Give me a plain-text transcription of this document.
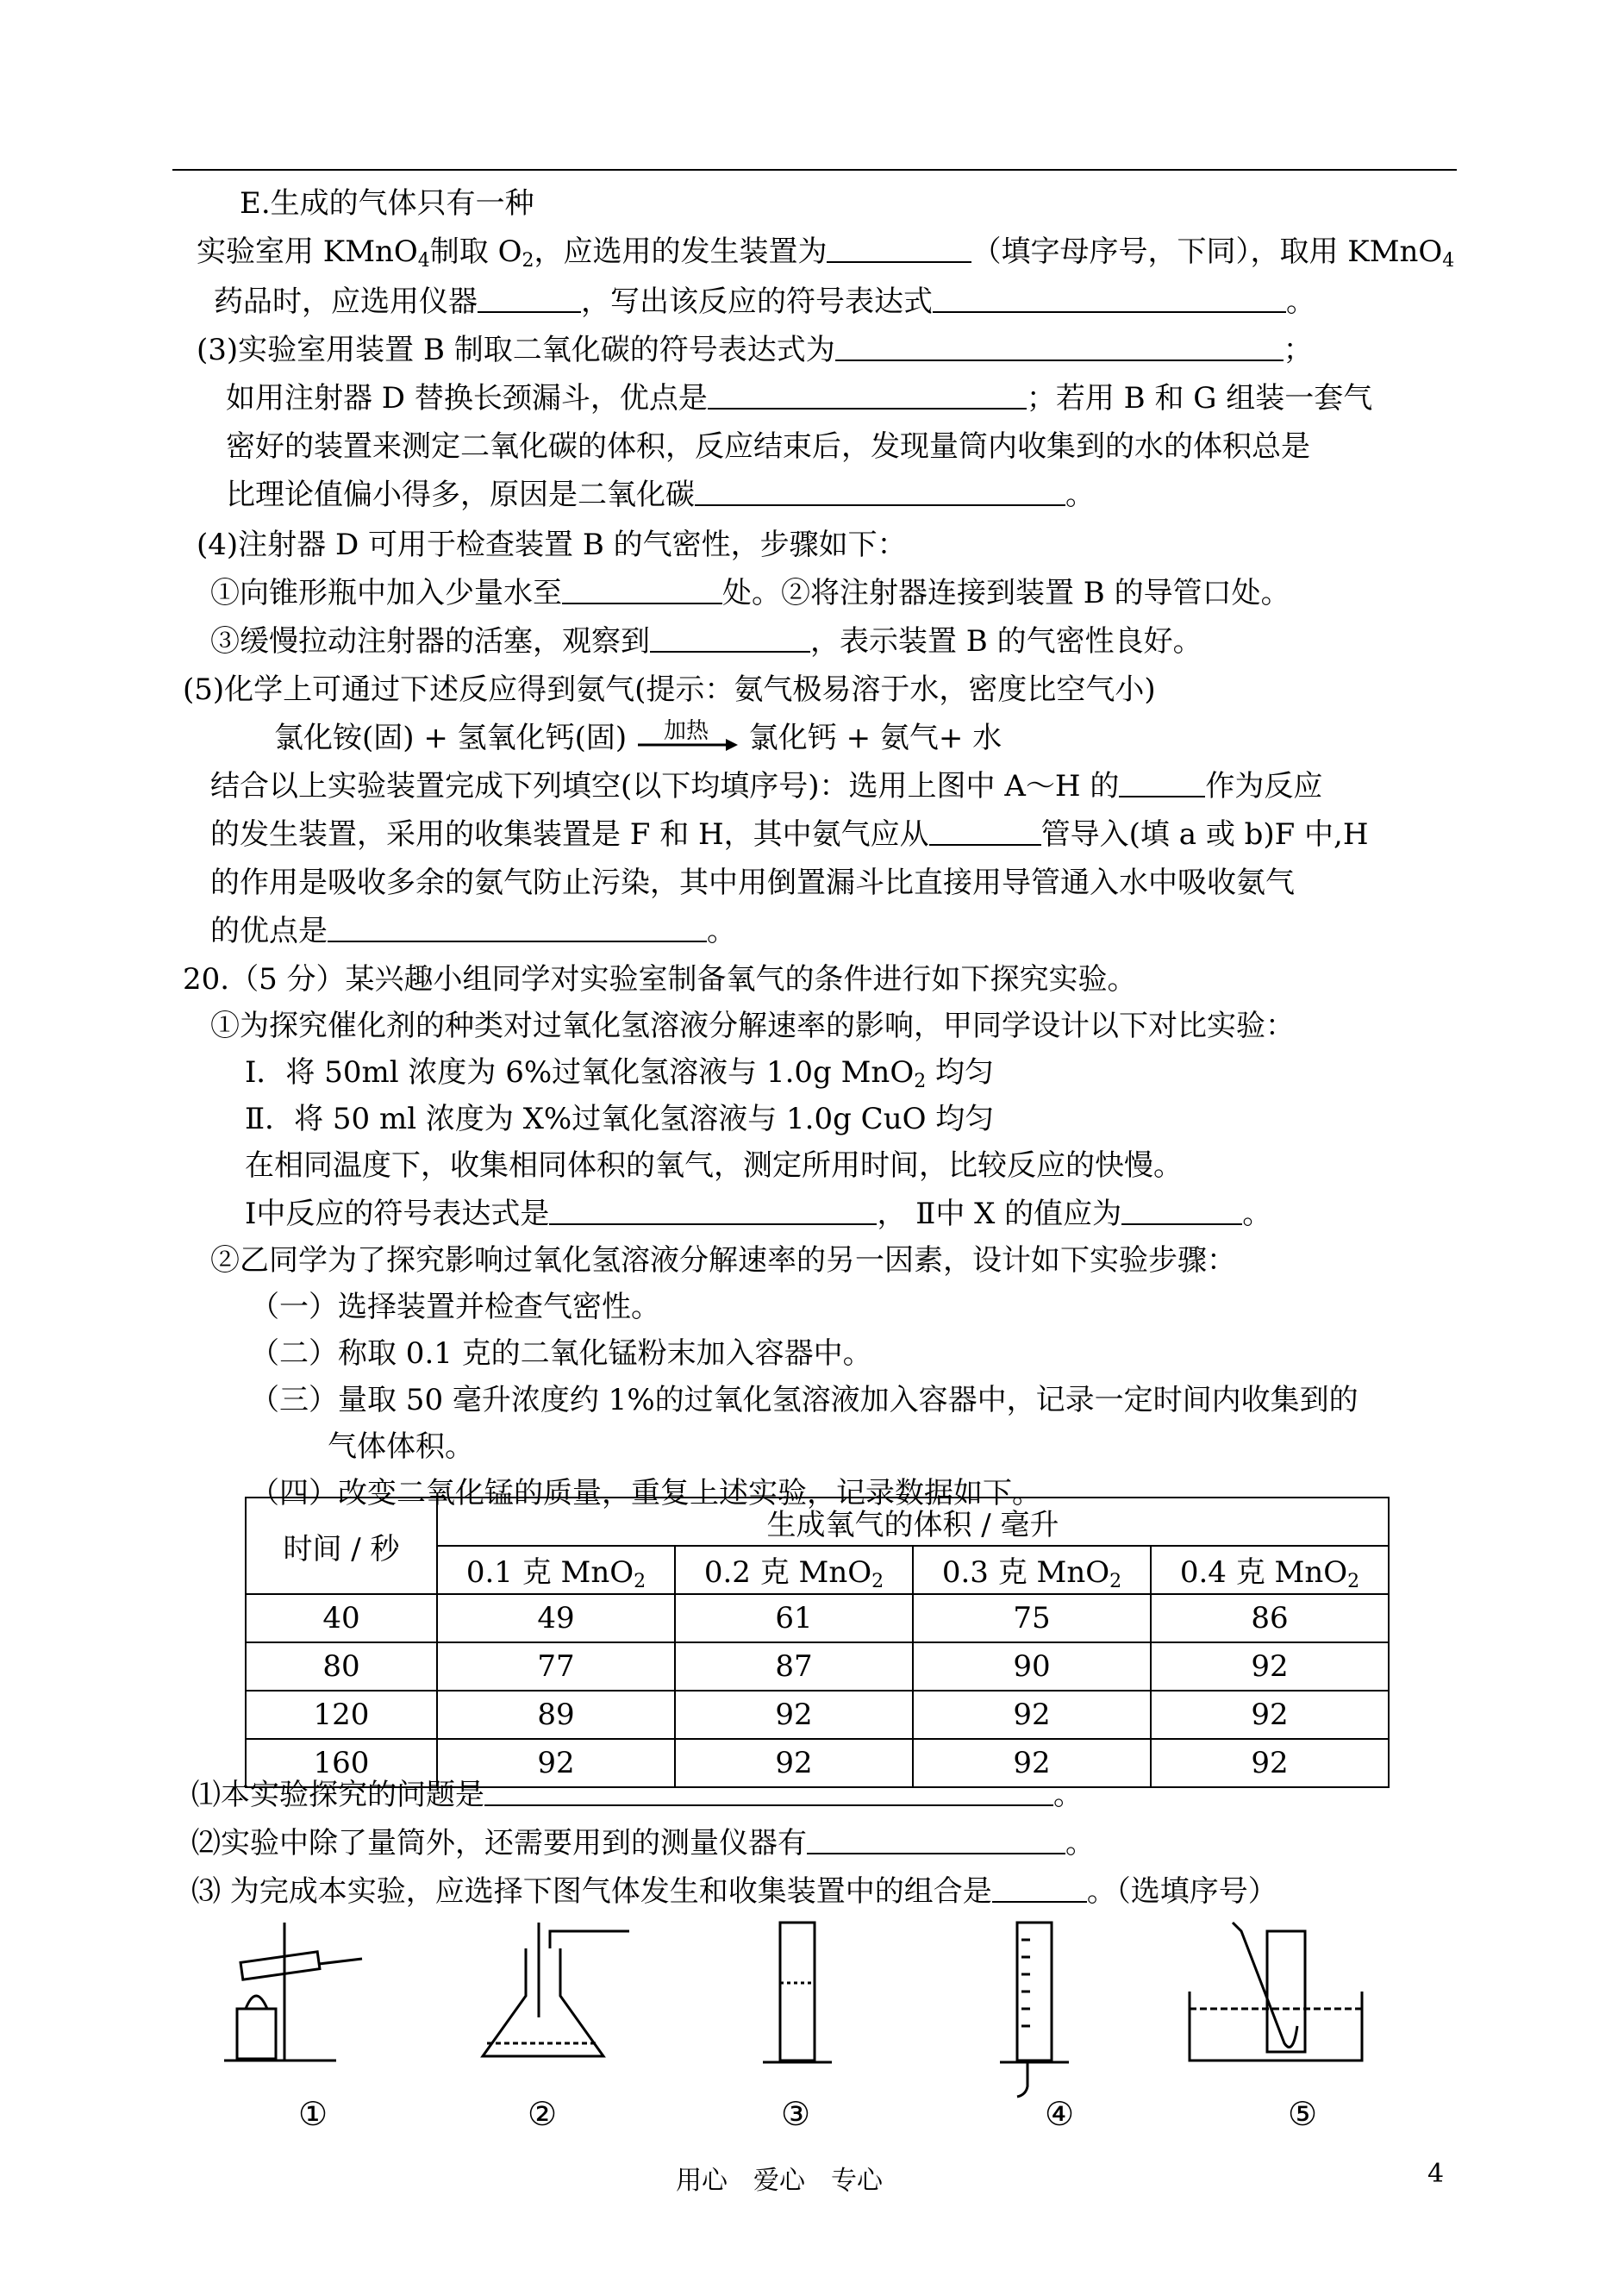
E.生成的气体只有一种
实验室用 KMnO$_4$制取 $O_2$，应选用的发生装置为	（填字母序号，下同），取用 KMnO$_4$
药品时，应选用仪器	，写出该反应的符号表达式	。
(3)实验室用装置 B 制取二氧化碳的符号表达式为	；
如用注射器 D 替换长颈漏斗，优点是	；若用 B 和 G 组装一套气
密好的装置来测定二氧化碳的体积，反应结束后，发现量筒内收集到的水的体积总是
比理论值偏小得多，原因是二氧化碳	。
(4)注射器 D 可用于检查装置 B 的气密性，步骤如下：
①向锥形瓶中加入少量水至	处。②将注射器连接到装置 B 的导管口处。
③缓慢拉动注射器的活塞，观察到	，表示装置 B 的气密性良好。
(5)化学上可通过下述反应得到氨气(提示：氨气极易溶于水，密度比空气小)
氯化铵(固) + 氢氧化钙(固) 加热 氯化钙 + 氨气+ 水
结合以上实验装置完成下列填空(以下均填序号)：选用上图中 A～H 的	作为反应
的发生装置，采用的收集装置是 F 和 H，其中氨气应从	管导入(填 a 或 b)F 中,H
的作用是吸收多余的氨气防止污染，其中用倒置漏斗比直接用导管通入水中吸收氨气
的优点是	。
20.（5 分）某兴趣小组同学对实验室制备氧气的条件进行如下探究实验。
①为探究催化剂的种类对过氧化氢溶液分解速率的影响，甲同学设计以下对比实验：
Ⅰ．将 50ml 浓度为 6%过氧化氢溶液与 1.0g MnO$_2$ 均匀
Ⅱ．将 50 ml 浓度为 X%过氧化氢溶液与 1.0g CuO 均匀
在相同温度下，收集相同体积的氧气，测定所用时间，比较反应的快慢。
Ⅰ中反应的符号表达式是	， Ⅱ中 X 的值应为	。
②乙同学为了探究影响过氧化氢溶液分解速率的另一因素，设计如下实验步骤：
（一）选择装置并检查气密性。
（二）称取 0.1 克的二氧化锰粉末加入容器中。
（三）量取 50 毫升浓度约 1%的过氧化氢溶液加入容器中，记录一定时间内收集到的
气体体积。
（四）改变二氧化锰的质量，重复上述实验，记录数据如下。
时间 / 秒	生成氧气的体积 / 毫升			
	0.1 克 MnO$_2$	0.2 克 MnO$_2$	0.3 克 MnO$_2$	0.4 克 MnO$_2$
40	49	61	75	86
80	77	87	90	92
120	89	92	92	92
160	92	92	92	92
⑴本实验探究的问题是	。
⑵实验中除了量筒外，还需要用到的测量仪器有	。
⑶ 为完成本实验，应选择下图气体发生和收集装置中的组合是	。（选填序号）
①	②	③	④	⑤
用心　爱心　专心	4
